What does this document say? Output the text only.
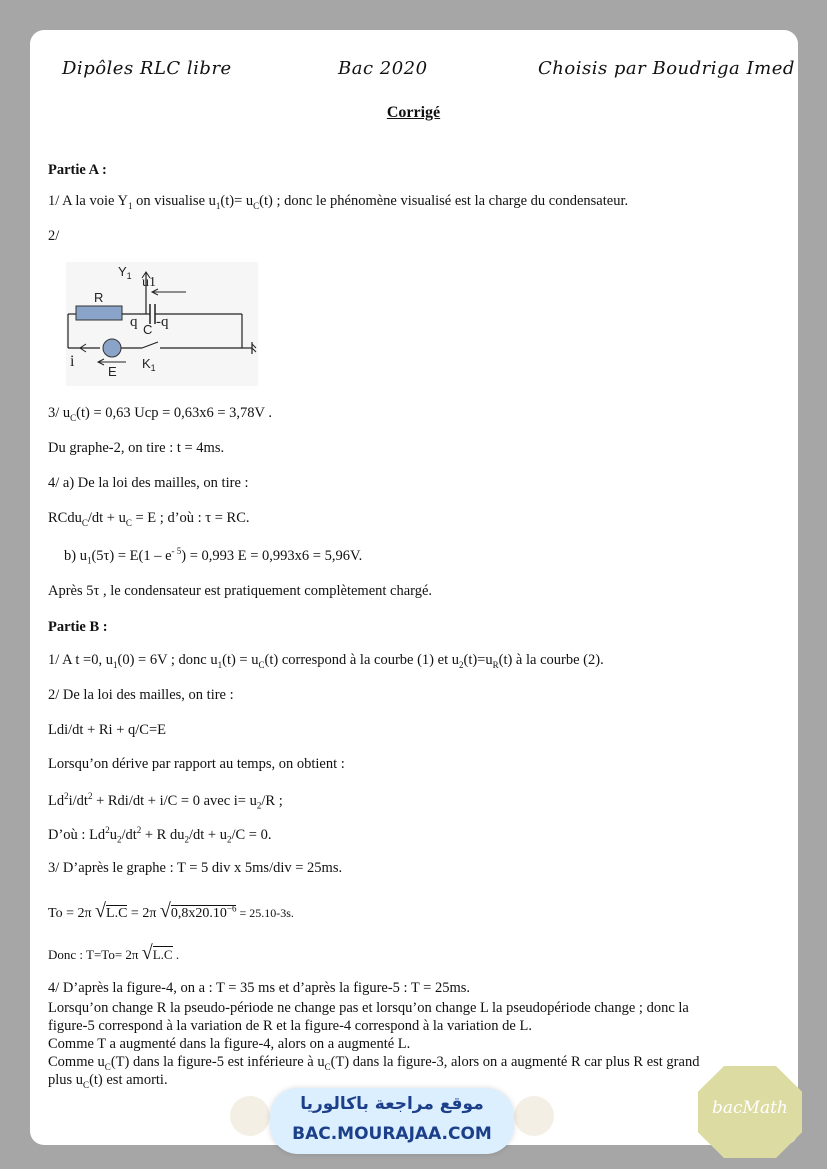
Dipôles RLC libre	Bac 2020	Choisis par Boudriga Imed
Corrigé
Partie A :
1/ A la voie $Y_1$ on visualise $u_1(t)= u_C(t)$ ; donc le phénomène visualisé est la charge du condensateur.
2/
$Y_1$ u1
R
q -q
C
i
E
$K_1$
3/ $u_C(t) = 0,63$ Ucp = 0,63x6 = 3,78V .
Du graphe-2, on tire : t = 4ms.
4/ a) De la loi des mailles, on tire :
RCdu$_C$/dt + $u_C = E$ ; d’où : τ = RC.
b) $u_1(5\tau) = E(1 - e^{- 5}) = 0,993$ E = 0,993x6 = 5,96V.
Après 5τ , le condensateur est pratiquement complètement chargé.
Partie B :
1/ A t =0, $u_1(0) = 6V$ ; donc $u_1(t) = u_C(t)$ correspond à la courbe (1) et $u_2(t)=u_R(t)$ à la courbe (2).
2/ De la loi des mailles, on tire :
Ldi/dt + Ri + q/C=E
Lorsqu’on dérive par rapport au temps, on obtient :
$Ld^2i/dt^2 + Rdi/dt + i/C = 0$ avec $i= u_2/R$ ;
D’où : $Ld^2u_2/dt^2 + R$ $du_2/dt + u_2/C = 0$.
3/ D’après le graphe : T = 5 div x 5ms/div = 25ms.
To = 2π √L.C = 2π $√0,8x20.10^{-6} = 25.10-3s$.
Donc : T=To= 2π √L.C .
4/ D’après la figure-4, on a : T = 35 ms et d’après la figure-5 : T = 25ms.
Lorsqu’on change R la pseudo-période ne change pas et lorsqu’on change L la pseudopériode change ; donc la
figure-5 correspond à la variation de R et la figure-4 correspond à la variation de L.
Comme T a augmenté dans la figure-4, alors on a augmenté L.
Comme $u_C(T)$ dans la figure-5 est inférieure à $u_C(T)$ dans la figure-3, alors on a augmenté R car plus R est grand
plus $u_C(t)$ est amorti.
موقع مراجعة باكالوريا
BAC.MOURAJAA.COM
bacMath
